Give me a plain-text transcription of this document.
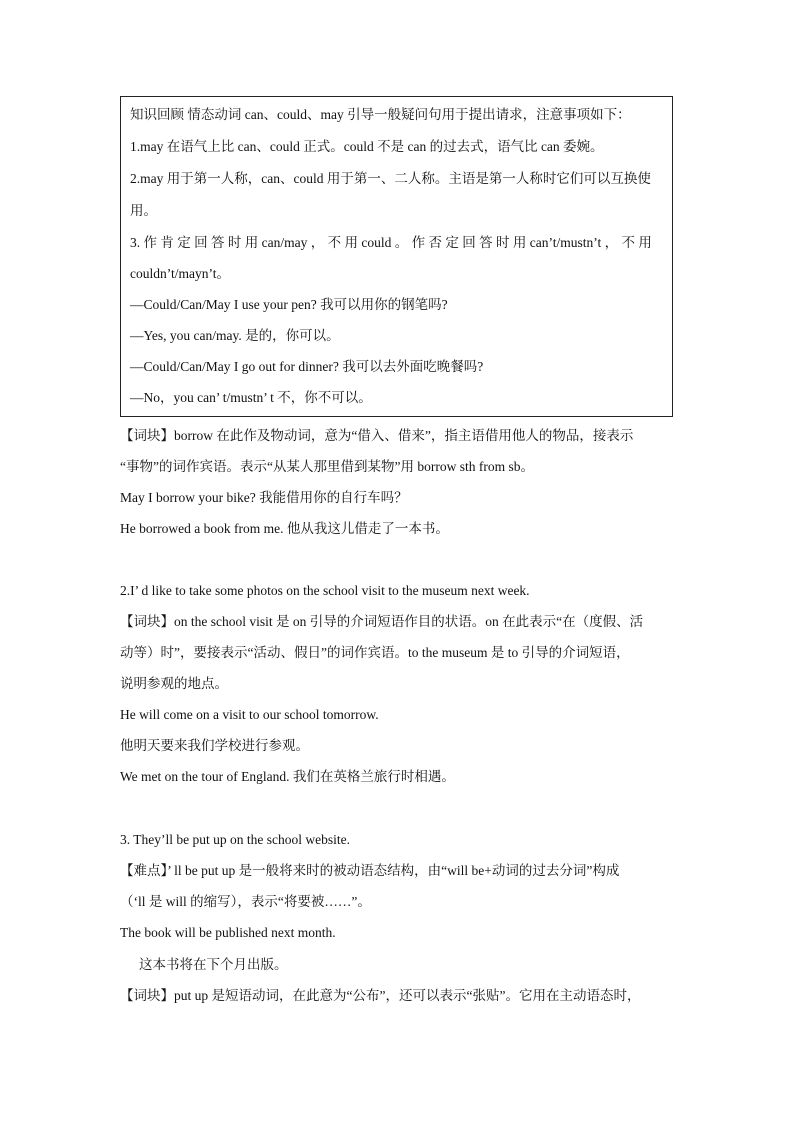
知识回顾 情态动词 can、could、may 引导一般疑问句用于提出请求，注意事项如下：
1.may 在语气上比 can、could 正式。could 不是 can 的过去式，语气比 can 委婉。
2.may 用于第一人称，can、could 用于第一、二人称。主语是第一人称时它们可以互换使
用。
3. 作 肯 定 回 答 时 用 can/may ， 不 用 could 。 作 否 定 回 答 时 用 can’t/mustn’t ， 不 用
couldn’t/mayn’t。
—Could/Can/May I use your pen? 我可以用你的钢笔吗?
—Yes, you can/may. 是的，你可以。
—Could/Can/May I go out for dinner? 我可以去外面吃晚餐吗?
—No，you can’ t/mustn’ t 不，你不可以。
【词块】borrow 在此作及物动词，意为“借入、借来”，指主语借用他人的物品，接表示
“事物”的词作宾语。表示“从某人那里借到某物”用 borrow sth from sb。
May I borrow your bike? 我能借用你的自行车吗？
He borrowed a book from me. 他从我这儿借走了一本书。
2.I’ d like to take some photos on the school visit to the museum next week.
【词块】on the school visit 是 on 引导的介词短语作目的状语。on 在此表示“在（度假、活
动等）时”，要接表示“活动、假日”的词作宾语。to the museum 是 to 引导的介词短语，
说明参观的地点。
He will come on a visit to our school tomorrow.
他明天要来我们学校进行参观。
We met on the tour of England. 我们在英格兰旅行时相遇。
3. They’ll be put up on the school website.
【难点】’ ll be put up 是一般将来时的被动语态结构，由“will be+动词的过去分词”构成
（‘ll 是 will 的缩写），表示“将要被……”。
The book will be published next month.
这本书将在下个月出版。
【词块】put up 是短语动词，在此意为“公布”，还可以表示“张贴”。它用在主动语态时，
